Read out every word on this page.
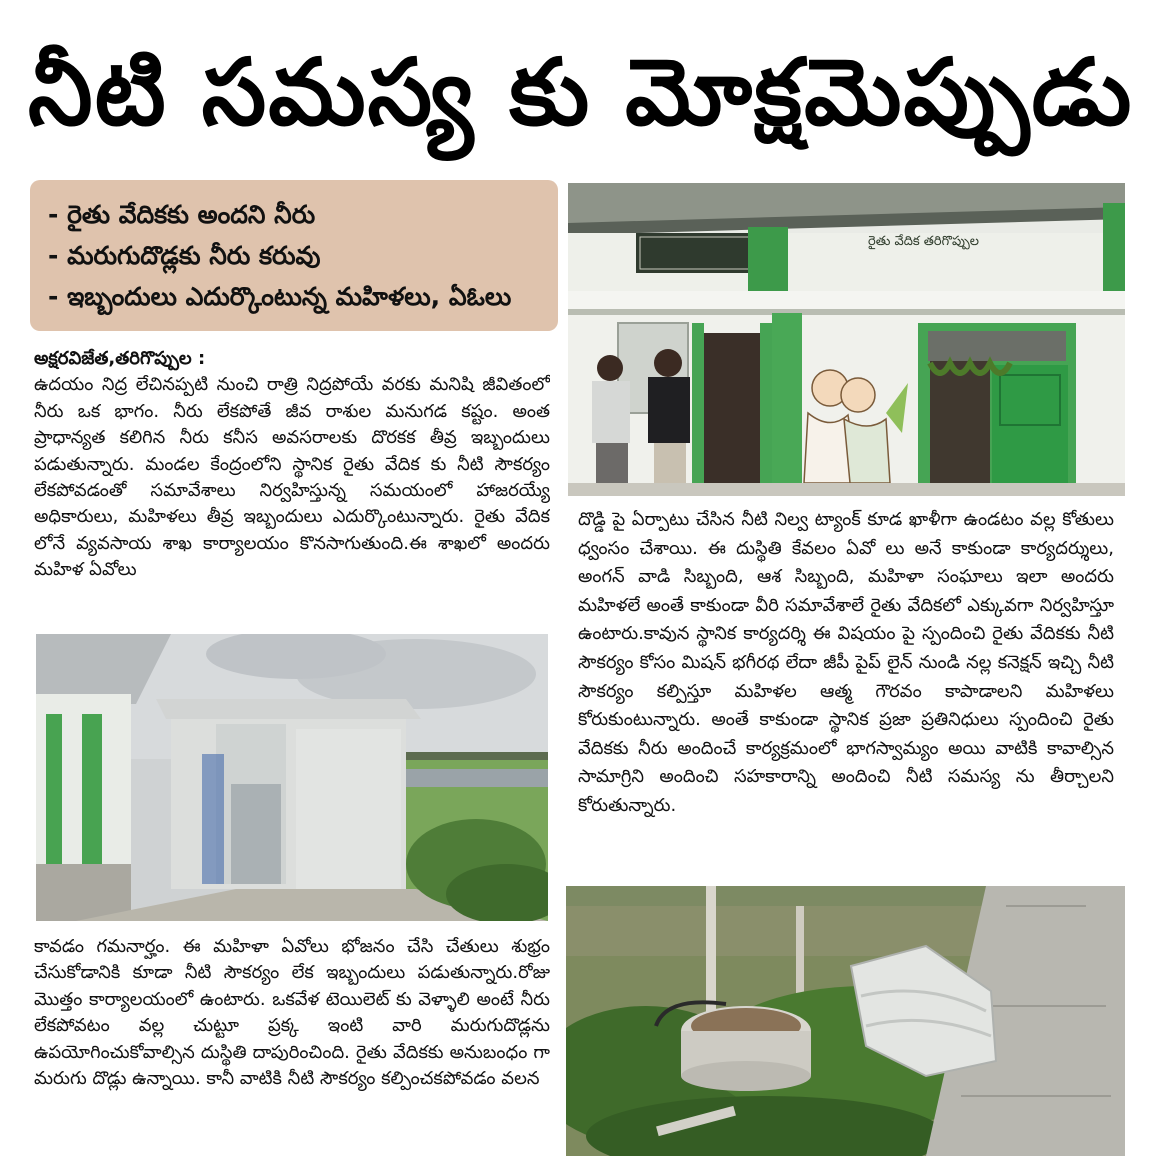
నీటి సమస్య కు మోక్షమెప్పుడు
- రైతు వేదికకు అందని నీరు
- మరుగుదొడ్లకు నీరు కరువు
- ఇబ్బందులు ఎదుర్కొంటున్న మహిళలు, ఏఓలు
రైతు వేదిక తరిగొప్పుల
అక్షరవిజేత,తరిగొప్పుల :

ఉదయం నిద్ర లేచినప్పటి నుంచి రాత్రి నిద్రపోయే వరకు మనిషి జీవితంలో నీరు ఒక భాగం. నీరు లేకపోతే జీవ రాశుల మనుగడ కష్టం. అంత ప్రాధాన్యత కలిగిన నీరు కనీస అవసరాలకు దొరకక తీవ్ర ఇబ్బందులు పడుతున్నారు. మండల కేంద్రంలోని స్థానిక రైతు వేదిక కు నీటి సౌకర్యం లేకపోవడంతో సమావేశాలు నిర్వహిస్తున్న సమయంలో హాజరయ్యే అధికారులు, మహిళలు తీవ్ర ఇబ్బందులు ఎదుర్కొంటున్నారు. రైతు వేదిక లోనే వ్యవసాయ శాఖ కార్యాలయం కొనసాగుతుంది.ఈ శాఖలో అందరు మహిళ ఏవోలు

కావడం గమనార్హం. ఈ మహిళా ఏవోలు భోజనం చేసి చేతులు శుభ్రం చేసుకోడానికి కూడా నీటి సౌకర్యం లేక ఇబ్బందులు పడుతున్నారు.రోజు మొత్తం కార్యాలయంలో ఉంటారు. ఒకవేళ టెయిలెట్ కు వెళ్ళాలి అంటే నీరు లేకపోవటం వల్ల చుట్టూ ప్రక్క ఇంటి వారి మరుగుదొడ్లను ఉపయోగించుకోవాల్సిన దుస్థితి దాపురించింది. రైతు వేదికకు అనుబంధం గా మరుగు దొడ్లు ఉన్నాయి. కానీ వాటికి నీటి సౌకర్యం కల్పించకపోవడం వలన

దొడ్డి పై ఏర్పాటు చేసిన నీటి నిల్వ ట్యాంక్ కూడ ఖాళీగా ఉండటం వల్ల కోతులు ధ్వంసం చేశాయి. ఈ దుస్థితి కేవలం ఏవో లు అనే కాకుండా కార్యదర్శులు, అంగన్ వాడి సిబ్బంది, ఆశ సిబ్బంది, మహిళా సంఘాలు ఇలా అందరు మహిళలే అంతే కాకుండా వీరి సమావేశాలే రైతు వేదికలో ఎక్కువగా నిర్వహిస్తూ ఉంటారు.కావున స్థానిక కార్యదర్శి ఈ విషయం పై స్పందించి రైతు వేదికకు నీటి సౌకర్యం కోసం మిషన్ భగీరథ లేదా జీపీ పైప్ లైన్ నుండి నల్ల కనెక్షన్ ఇచ్చి నీటి సౌకర్యం కల్పిస్తూ మహిళల ఆత్మ గౌరవం కాపాడాలని మహిళలు కోరుకుంటున్నారు. అంతే కాకుండా స్థానిక ప్రజా ప్రతినిధులు స్పందించి రైతు వేదికకు నీరు అందించే కార్యక్రమంలో భాగస్వామ్యం అయి వాటికి కావాల్సిన సామాగ్రిని అందించి సహకారాన్ని అందించి నీటి సమస్య ను తీర్చాలని కోరుతున్నారు.
